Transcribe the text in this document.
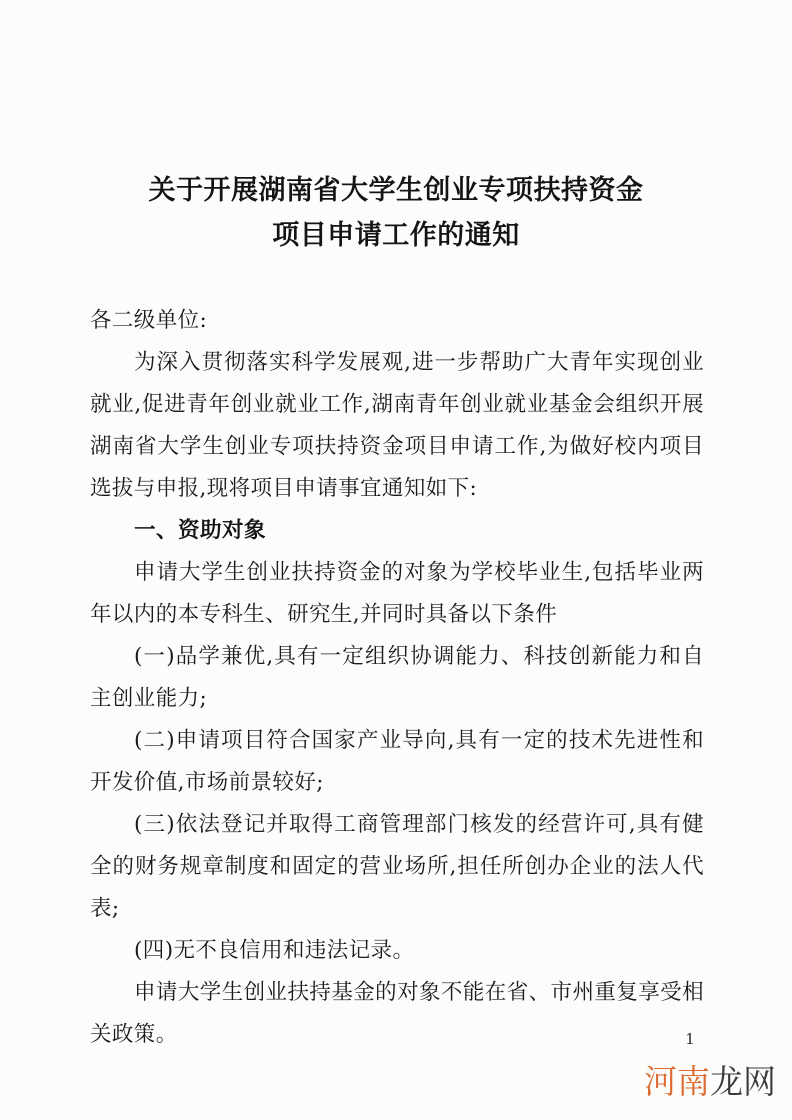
关于开展湖南省大学生创业专项扶持资金
项目申请工作的通知

各二级单位:

为深入贯彻落实科学发展观,进一步帮助广大青年实现创业就业,促进青年创业就业工作,湖南青年创业就业基金会组织开展湖南省大学生创业专项扶持资金项目申请工作,为做好校内项目选拔与申报,现将项目申请事宜通知如下:

一、资助对象

申请大学生创业扶持资金的对象为学校毕业生,包括毕业两年以内的本专科生、研究生,并同时具备以下条件

(一)品学兼优,具有一定组织协调能力、科技创新能力和自主创业能力;

(二)申请项目符合国家产业导向,具有一定的技术先进性和开发价值,市场前景较好;

(三)依法登记并取得工商管理部门核发的经营许可,具有健全的财务规章制度和固定的营业场所,担任所创办企业的法人代表;

(四)无不良信用和违法记录。

申请大学生创业扶持基金的对象不能在省、市州重复享受相关政策。	1
河南龙网
